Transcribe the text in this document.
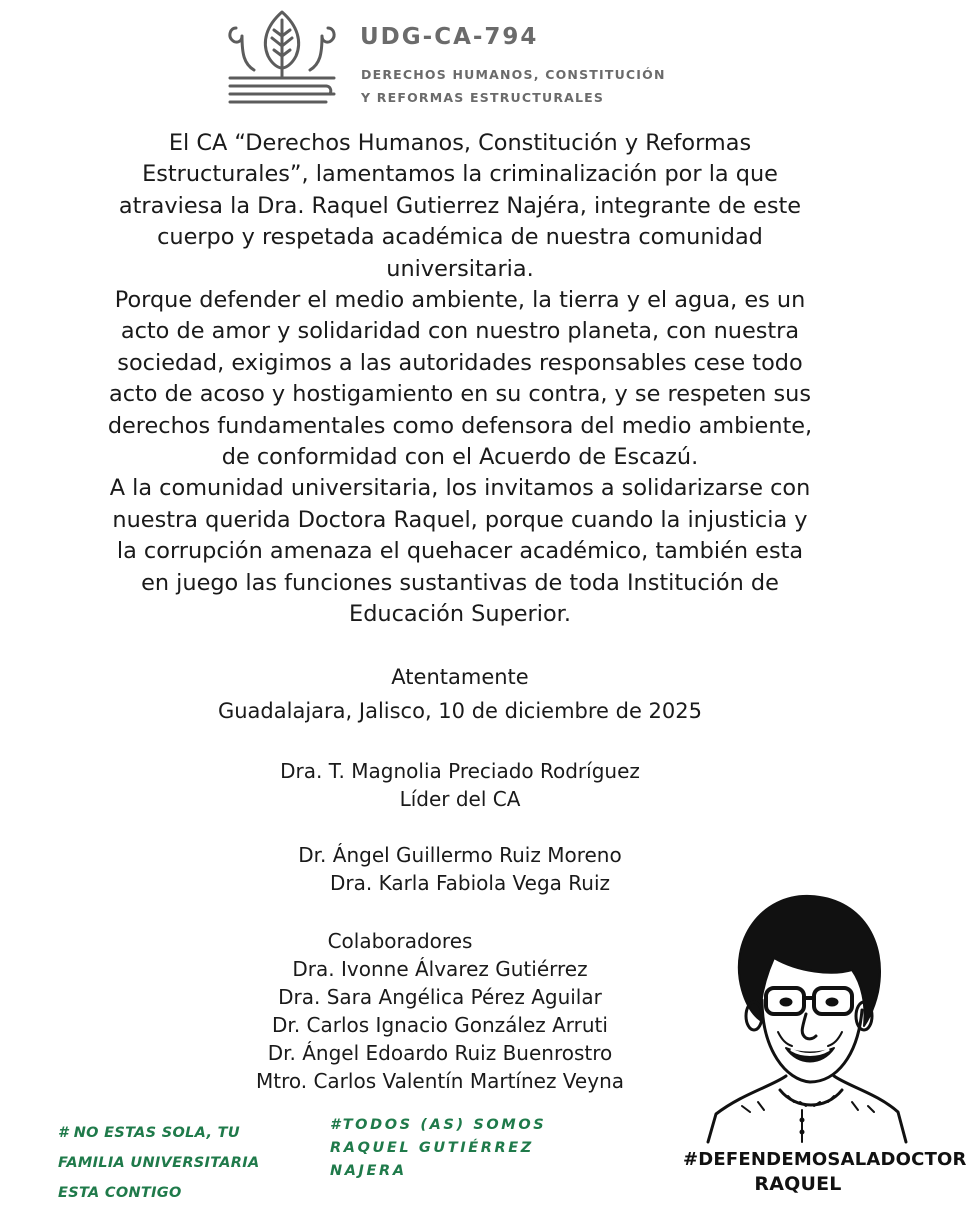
UDG-CA-794
DERECHOS HUMANOS, CONSTITUCIÓN
Y REFORMAS ESTRUCTURALES
El CA “Derechos Humanos, Constitución y Reformas
Estructurales”, lamentamos la criminalización por la que
atraviesa la Dra. Raquel Gutierrez Najéra, integrante de este
cuerpo y respetada académica de nuestra comunidad
universitaria.
Porque defender el medio ambiente, la tierra y el agua, es un
acto de amor y solidaridad con nuestro planeta, con nuestra
sociedad, exigimos a las autoridades responsables cese todo
acto de acoso y hostigamiento en su contra, y se respeten sus
derechos fundamentales como defensora del medio ambiente,
de conformidad con el Acuerdo de Escazú.
A la comunidad universitaria, los invitamos a solidarizarse con
nuestra querida Doctora Raquel, porque cuando la injusticia y
la corrupción amenaza el quehacer académico, también esta
en juego las funciones sustantivas de toda Institución de
Educación Superior.
Atentamente
Guadalajara, Jalisco, 10 de diciembre de 2025
Dra. T. Magnolia Preciado Rodríguez
Líder del CA
Dr. Ángel Guillermo Ruiz Moreno
Dra. Karla Fabiola Vega Ruiz
Colaboradores
Dra. Ivonne Álvarez Gutiérrez
Dra. Sara Angélica Pérez Aguilar
Dr. Carlos Ignacio González Arruti
Dr. Ángel Edoardo Ruiz Buenrostro
Mtro. Carlos Valentín Martínez Veyna
# NO ESTAS SOLA, TU
FAMILIA UNIVERSITARIA
ESTA CONTIGO
#TODOS (AS) SOMOS
RAQUEL GUTIÉRREZ
NAJERA
#DEFENDEMOSALADOCTOR
RAQUEL
